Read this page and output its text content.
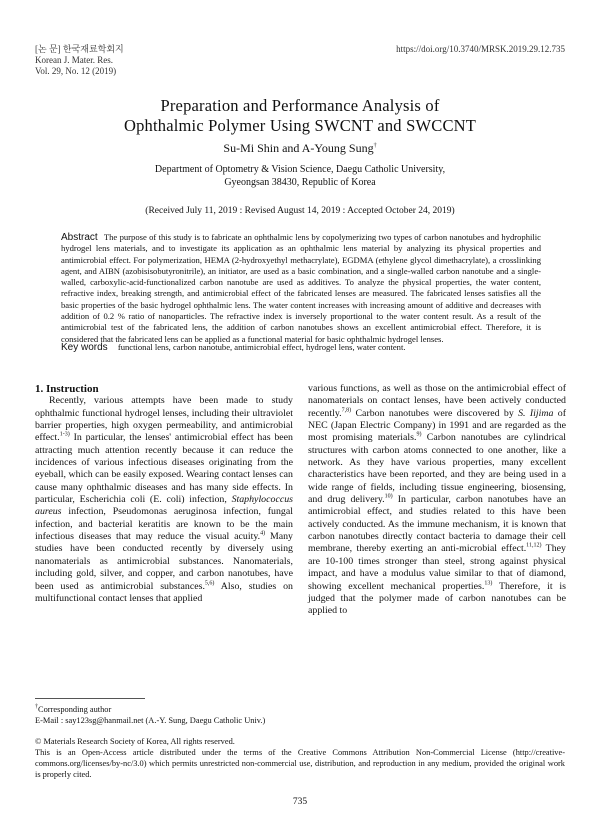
[논 문] 한국재료학회지
Korean J. Mater. Res.
Vol. 29, No. 12 (2019)
https://doi.org/10.3740/MRSK.2019.29.12.735
Preparation and Performance Analysis of
Ophthalmic Polymer Using SWCNT and SWCCNT
Su-Mi Shin and A-Young Sung†
Department of Optometry & Vision Science, Daegu Catholic University,
Gyeongsan 38430, Republic of Korea
(Received July 11, 2019 : Revised August 14, 2019 : Accepted October 24, 2019)
Abstract The purpose of this study is to fabricate an ophthalmic lens by copolymerizing two types of carbon nanotubes and hydrophilic hydrogel lens materials, and to investigate its application as an ophthalmic lens material by analyzing its physical properties and antimicrobial effect. For polymerization, HEMA (2-hydroxyethyl methacrylate), EGDMA (ethylene glycol dimethacrylate), a crosslinking agent, and AIBN (azobisisobutyronitrile), an initiator, are used as a basic combination, and a single-walled carbon nanotube and a single-walled, carboxylic-acid-functionalized carbon nanotube are used as additives. To analyze the physical properties, the water content, refractive index, breaking strength, and antimicrobial effect of the fabricated lenses are measured. The fabricated lenses satisfies all the basic properties of the basic hydrogel ophthalmic lens. The water content increases with increasing amount of additive and decreases with addition of 0.2 % ratio of nanoparticles. The refractive index is inversely proportional to the water content result. As a result of the antimicrobial test of the fabricated lens, the addition of carbon nanotubes shows an excellent antimicrobial effect. Therefore, it is considered that the fabricated lens can be applied as a functional material for basic ophthalmic hydrogel lenses.
Key words functional lens, carbon nanotube, antimicrobial effect, hydrogel lens, water content.

1. Instruction

Recently, various attempts have been made to study ophthalmic functional hydrogel lenses, including their ultraviolet barrier properties, high oxygen permeability, and antimicrobial effect.$^{1-3)}$ In particular, the lenses' antimicrobial effect has been attracting much attention recently because it can reduce the incidences of various infectious diseases originating from the eyeball, which can be easily exposed. Wearing contact lenses can cause many ophthalmic diseases and has many side effects. In particular, Escherichia coli (E. coli) infection, Staphylococcus aureus infection, Pseudomonas aeruginosa infection, fungal infection, and bacterial keratitis are known to be the main infectious diseases that may reduce the visual acuity.$^{4)}$ Many studies have been conducted recently by diversely using nanomaterials as antimicrobial substances. Nanomaterials, including gold, silver, and copper, and carbon nanotubes, have been used as antimicrobial substances.$^{5,6)}$ Also, studies on multifunctional contact lenses that applied

various functions, as well as those on the antimicrobial effect of nanomaterials on contact lenses, have been actively conducted recently.$^{7,8)}$ Carbon nanotubes were discovered by S. Iijima of NEC (Japan Electric Company) in 1991 and are regarded as the most promising materials.$^{9)}$ Carbon nanotubes are cylindrical structures with carbon atoms connected to one another, like a network. As they have various properties, many excellent characteristics have been reported, and they are being used in a wide range of fields, including tissue engineering, biosensing, and drug delivery.$^{10)}$ In particular, carbon nanotubes have an antimicrobial effect, and studies related to this have been actively conducted. As the immune mechanism, it is known that carbon nanotubes directly contact bacteria to damage their cell membrane, thereby exerting an anti-microbial effect.$^{11,12)}$ They are 10-100 times stronger than steel, strong against physical impact, and have a modulus value similar to that of diamond, showing excellent mechanical properties.$^{13)}$ Therefore, it is judged that the polymer made of carbon nanotubes can be applied to

†Corresponding author
E-Mail : say123sg@hanmail.net (A.-Y. Sung, Daegu Catholic Univ.)
© Materials Research Society of Korea, All rights reserved.
This is an Open-Access article distributed under the terms of the Creative Commons Attribution Non-Commercial License (http://creative-commons.org/licenses/by-nc/3.0) which permits unrestricted non-commercial use, distribution, and reproduction in any medium, provided the original work is properly cited.
735
